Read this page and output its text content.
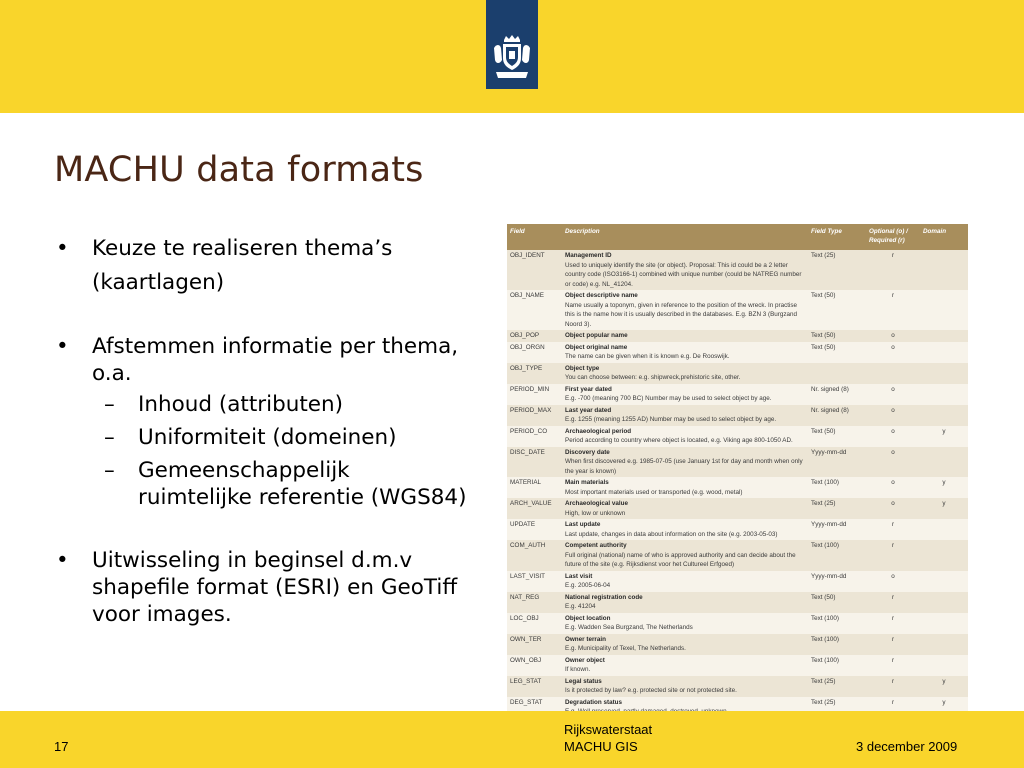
MACHU data formats
• Keuze te realiseren thema’s
(kaartlagen)
• Afstemmen informatie per thema, o.a.
– Inhoud (attributen)
– Uniformiteit (domeinen)
– Gemeenschappelijk ruimtelijke referentie (WGS84)
• Uitwisseling in beginsel d.m.v shapefile format (ESRI) en GeoTiff voor images.
Field	Description	Field Type	Optional (o) / Required (r)	Domain
OBJ_IDENT	Management ID
Used to uniquely identify the site (or object). Proposal: This id could be a 2 letter country code (ISO3166-1) combined with unique number (could be NATREG number or code) e.g. NL_41204.	Text (25)	r	
OBJ_NAME	Object descriptive name
Name usually a toponym, given in reference to the position of the wreck. In practise this is the name how it is usually described in the databases. E.g. BZN 3 (Burgzand Noord 3).	Text (50)	r	
OBJ_POP	Object popular name	Text (50)	o	
OBJ_ORGN	Object original name
The name can be given when it is known e.g. De Rooswijk.	Text (50)	o	
OBJ_TYPE	Object type
You can choose between: e.g. shipwreck,prehistoric site, other.			
PERIOD_MIN	First year dated
E.g. -700 (meaning 700 BC) Number may be used to select object by age.	Nr. signed (8)	o	
PERIOD_MAX	Last year dated
E.g. 1255 (meaning 1255 AD) Number may be used to select object by age.	Nr. signed (8)	o	
PERIOD_CO	Archaeological period
Period according to country where object is located, e.g. Viking age 800-1050 AD.	Text (50)	o	y
DISC_DATE	Discovery date
When first discovered e.g. 1985-07-05 (use January 1st for day and month when only the year is known)	Yyyy-mm-dd	o	
MATERIAL	Main materials
Most important materials used or transported (e.g. wood, metal)	Text (100)	o	y
ARCH_VALUE	Archaeological value
High, low or unknown	Text (25)	o	y
UPDATE	Last update
Last update, changes in data about information on the site (e.g. 2003-05-03)	Yyyy-mm-dd	r	
COM_AUTH	Competent authority
Full original (national) name of who is approved authority and can decide about the future of the site (e.g. Rijksdienst voor het Cultureel Erfgoed)	Text (100)	r	
LAST_VISIT	Last visit
E.g. 2005-06-04	Yyyy-mm-dd	o	
NAT_REG	National registration code
E.g. 41204	Text (50)	r	
LOC_OBJ	Object location
E.g. Wadden Sea Burgzand, The Netherlands	Text (100)	r	
OWN_TER	Owner terrain
E.g. Municipality of Texel, The Netherlands.	Text (100)	r	
OWN_OBJ	Owner object
If known.	Text (100)	r	
LEG_STAT	Legal status
Is it protected by law? e.g. protected site or not protected site.	Text (25)	r	y
DEG_STAT	Degradation status	Text (25)	r	y
17
Rijkswaterstaat
MACHU GIS	3 december 2009
